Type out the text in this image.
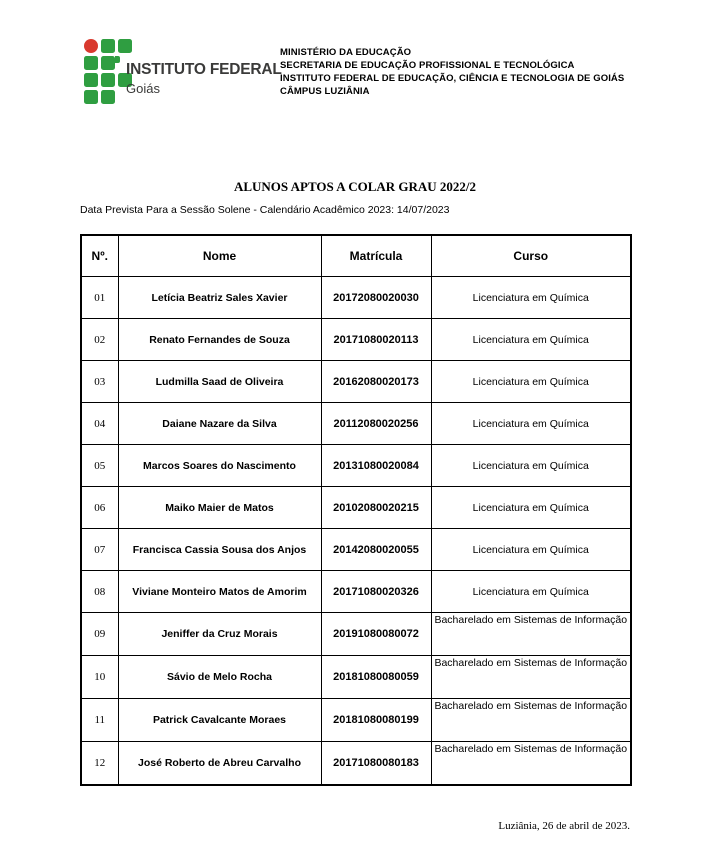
INSTITUTO FEDERAL
Goiás
MINISTÉRIO DA EDUCAÇÃO
SECRETARIA DE EDUCAÇÃO PROFISSIONAL E TECNOLÓGICA
INSTITUTO FEDERAL DE EDUCAÇÃO, CIÊNCIA E TECNOLOGIA DE GOIÁS
CÂMPUS LUZIÂNIA
ALUNOS APTOS A COLAR GRAU 2022/2
Data Prevista Para a Sessão Solene - Calendário Acadêmico 2023: 14/07/2023
Nº.	Nome	Matrícula	Curso
01	Letícia Beatriz Sales Xavier	20172080020030	Licenciatura em Química
02	Renato Fernandes de Souza	20171080020113	Licenciatura em Química
03	Ludmilla Saad de Oliveira	20162080020173	Licenciatura em Química
04	Daiane Nazare da Silva	20112080020256	Licenciatura em Química
05	Marcos Soares do Nascimento	20131080020084	Licenciatura em Química
06	Maiko Maier de Matos	20102080020215	Licenciatura em Química
07	Francisca Cassia Sousa dos Anjos	20142080020055	Licenciatura em Química
08	Viviane Monteiro Matos de Amorim	20171080020326	Licenciatura em Química
09	Jeniffer da Cruz Morais	20191080080072	Bacharelado em Sistemas de Informação
10	Sávio de Melo Rocha	20181080080059	Bacharelado em Sistemas de Informação
11	Patrick Cavalcante Moraes	20181080080199	Bacharelado em Sistemas de Informação
12	José Roberto de Abreu Carvalho	20171080080183	Bacharelado em Sistemas de Informação
Luziânia, 26 de abril de 2023.
